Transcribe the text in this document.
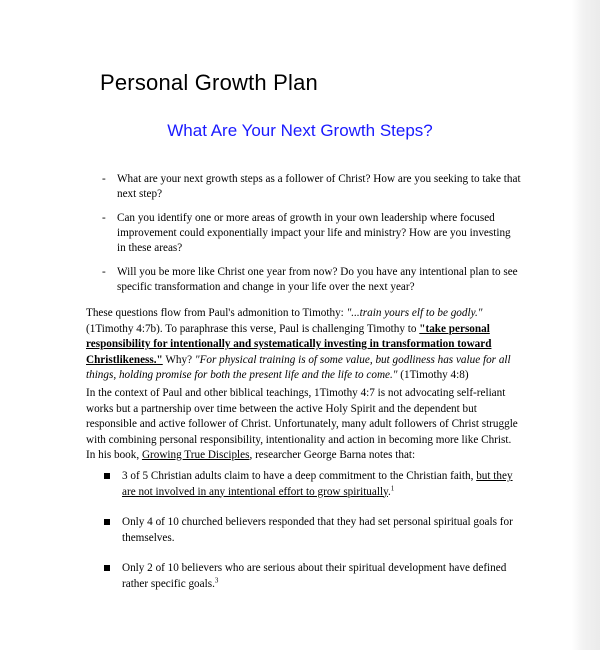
Personal Growth Plan
What Are Your Next Growth Steps?
- What are your next growth steps as a follower of Christ? How are you seeking to take that next step?
- Can you identify one or more areas of growth in your own leadership where focused improvement could exponentially impact your life and ministry? How are you investing in these areas?
- Will you be more like Christ one year from now? Do you have any intentional plan to see specific transformation and change in your life over the next year?
These questions flow from Paul's admonition to Timothy: "...train yours elf to be godly." (1Timothy 4:7b). To paraphrase this verse, Paul is challenging Timothy to "take personal responsibility for intentionally and systematically investing in transformation toward Christlikeness." Why? "For physical training is of some value, but godliness has value for all things, holding promise for both the present life and the life to come." (1Timothy 4:8)
In the context of Paul and other biblical teachings, 1Timothy 4:7 is not advocating self-reliant works but a partnership over time between the active Holy Spirit and the dependent but responsible and active follower of Christ. Unfortunately, many adult followers of Christ struggle with combining personal responsibility, intentionality and action in becoming more like Christ. In his book, Growing True Disciples, researcher George Barna notes that:
3 of 5 Christian adults claim to have a deep commitment to the Christian faith, but they are not involved in any intentional effort to grow spiritually.$^1$
Only 4 of 10 churched believers responded that they had set personal spiritual goals for themselves.
Only 2 of 10 believers who are serious about their spiritual development have defined rather specific goals.$^3$
